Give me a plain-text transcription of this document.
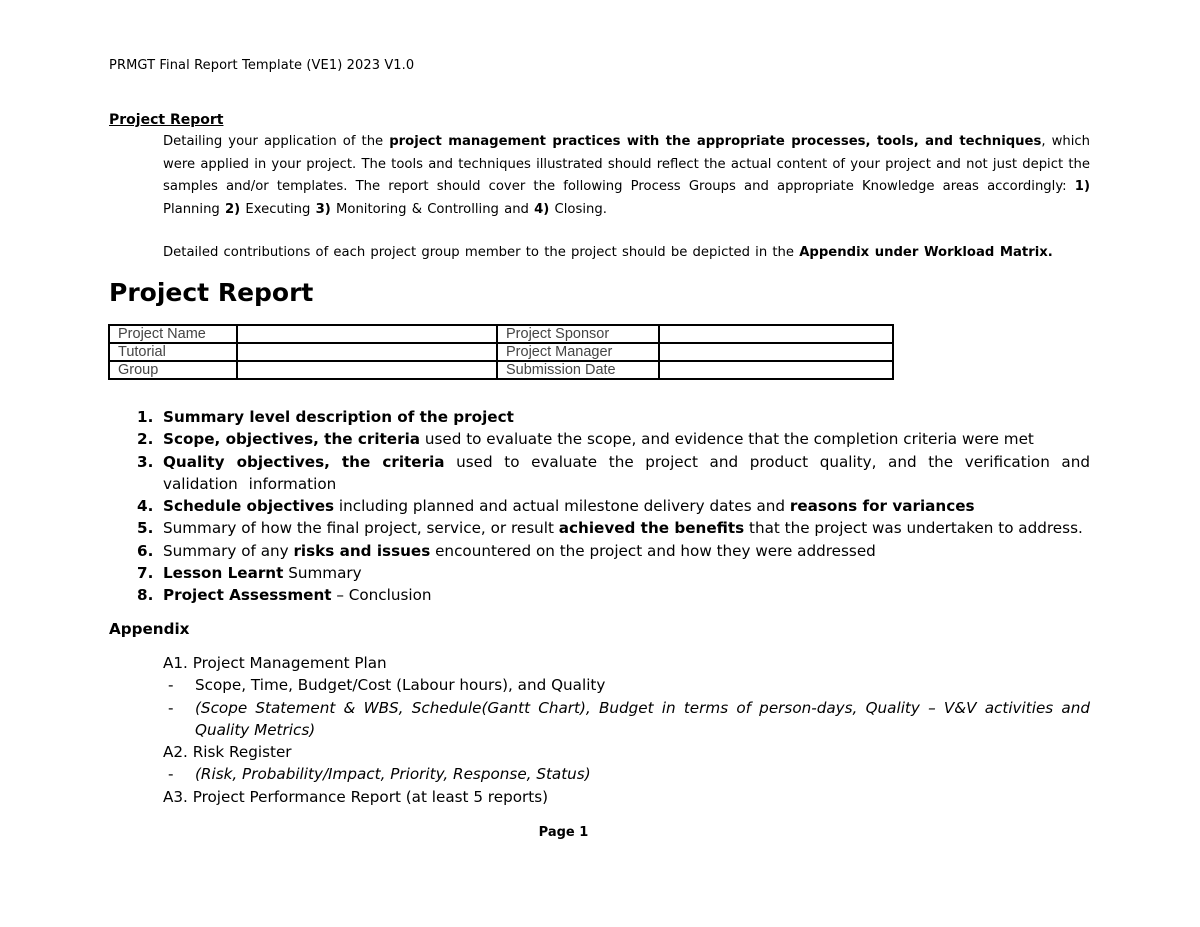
PRMGT Final Report Template (VE1) 2023 V1.0
Project Report

Detailing your application of the project management practices with the appropriate processes, tools, and techniques, which were applied in your project. The tools and techniques illustrated should reflect the actual content of your project and not just depict the samples and/or templates. The report should cover the following Process Groups and appropriate Knowledge areas accordingly: 1) Planning 2) Executing 3) Monitoring & Controlling and 4) Closing.

Detailed contributions of each project group member to the project should be depicted in the Appendix under Workload Matrix.

Project Report
Project Name		Project Sponsor	
Tutorial		Project Manager	
Group		Submission Date	
1. Summary level description of the project
2. Scope, objectives, the criteria used to evaluate the scope, and evidence that the completion criteria were met
3. Quality objectives, the criteria used to evaluate the project and product quality, and the verification and validation information
4. Schedule objectives including planned and actual milestone delivery dates and reasons for variances
5. Summary of how the final project, service, or result achieved the benefits that the project was undertaken to address.
6. Summary of any risks and issues encountered on the project and how they were addressed
7. Lesson Learnt Summary
8. Project Assessment – Conclusion
Appendix
A1. Project Management Plan
- Scope, Time, Budget/Cost (Labour hours), and Quality
- (Scope Statement & WBS, Schedule(Gantt Chart), Budget in terms of person-days, Quality – V&V activities and Quality Metrics)
A2. Risk Register
- (Risk, Probability/Impact, Priority, Response, Status)
A3. Project Performance Report (at least 5 reports)
Page 1
